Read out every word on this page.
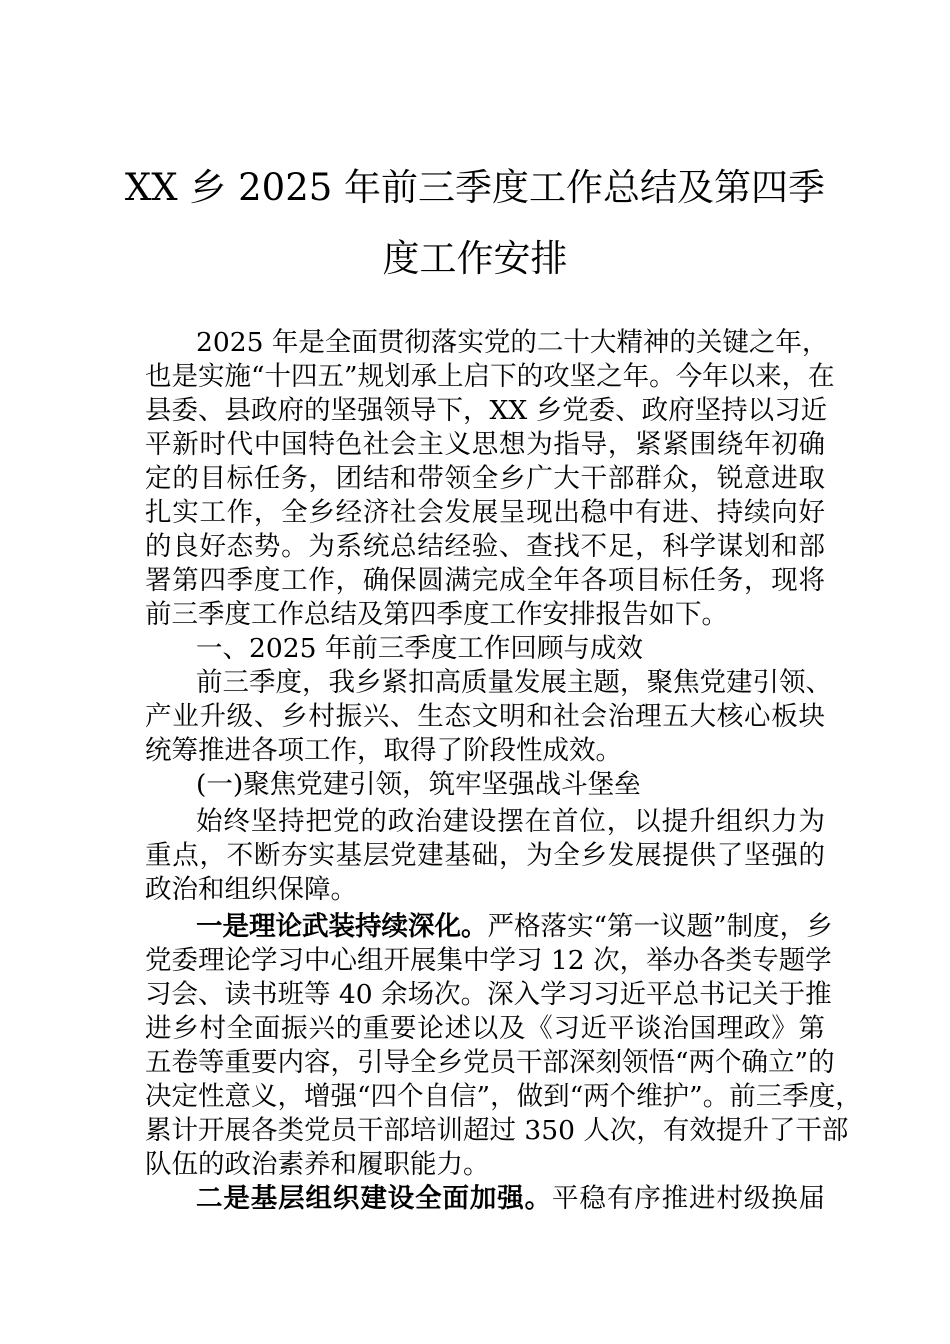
XX 乡 2025 年前三季度工作总结及第四季
度工作安排
2025 年是全面贯彻落实党的二十大精神的关键之年，
也是实施“十四五”规划承上启下的攻坚之年。今年以来，在
县委、县政府的坚强领导下，XX 乡党委、政府坚持以习近
平新时代中国特色社会主义思想为指导，紧紧围绕年初确
定的目标任务，团结和带领全乡广大干部群众，锐意进取
扎实工作，全乡经济社会发展呈现出稳中有进、持续向好
的良好态势。为系统总结经验、查找不足，科学谋划和部
署第四季度工作，确保圆满完成全年各项目标任务，现将
前三季度工作总结及第四季度工作安排报告如下。
一、2025 年前三季度工作回顾与成效
前三季度，我乡紧扣高质量发展主题，聚焦党建引领、
产业升级、乡村振兴、生态文明和社会治理五大核心板块
统筹推进各项工作，取得了阶段性成效。
(一)聚焦党建引领，筑牢坚强战斗堡垒
始终坚持把党的政治建设摆在首位，以提升组织力为
重点，不断夯实基层党建基础，为全乡发展提供了坚强的
政治和组织保障。
一是理论武装持续深化。严格落实“第一议题”制度，乡
党委理论学习中心组开展集中学习 12 次，举办各类专题学
习会、读书班等 40 余场次。深入学习习近平总书记关于推
进乡村全面振兴的重要论述以及《习近平谈治国理政》第
五卷等重要内容，引导全乡党员干部深刻领悟“两个确立”的
决定性意义，增强“四个自信”，做到“两个维护”。前三季度，
累计开展各类党员干部培训超过 350 人次，有效提升了干部
队伍的政治素养和履职能力。
二是基层组织建设全面加强。平稳有序推进村级换届
